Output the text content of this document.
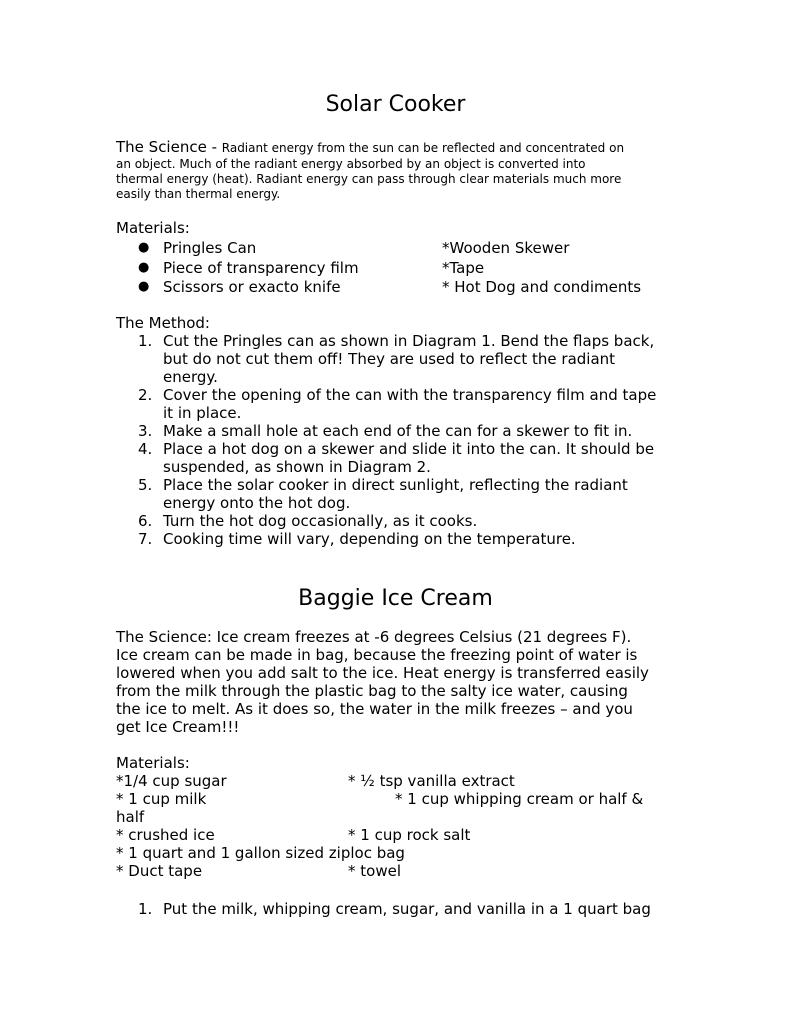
Solar Cooker
The Science - Radiant energy from the sun can be reflected and concentrated on
an object. Much of the radiant energy absorbed by an object is converted into
thermal energy (heat). Radiant energy can pass through clear materials much more
easily than thermal energy.
Materials:
● Pringles Can	*Wooden Skewer
● Piece of transparency film	*Tape
● Scissors or exacto knife	* Hot Dog and condiments
The Method:
1. Cut the Pringles can as shown in Diagram 1. Bend the flaps back,
but do not cut them off! They are used to reflect the radiant
energy.
2. Cover the opening of the can with the transparency film and tape
it in place.
3. Make a small hole at each end of the can for a skewer to fit in.
4. Place a hot dog on a skewer and slide it into the can. It should be
suspended, as shown in Diagram 2.
5. Place the solar cooker in direct sunlight, reflecting the radiant
energy onto the hot dog.
6. Turn the hot dog occasionally, as it cooks.
7. Cooking time will vary, depending on the temperature.
Baggie Ice Cream
The Science: Ice cream freezes at -6 degrees Celsius (21 degrees F).
Ice cream can be made in bag, because the freezing point of water is
lowered when you add salt to the ice. Heat energy is transferred easily
from the milk through the plastic bag to the salty ice water, causing
the ice to melt. As it does so, the water in the milk freezes – and you
get Ice Cream!!!
Materials:
*1/4 cup sugar	* ½ tsp vanilla extract
* 1 cup milk	* 1 cup whipping cream or half &
half
* crushed ice	* 1 cup rock salt
* 1 quart and 1 gallon sized ziploc bag
* Duct tape	* towel
1. Put the milk, whipping cream, sugar, and vanilla in a 1 quart bag
